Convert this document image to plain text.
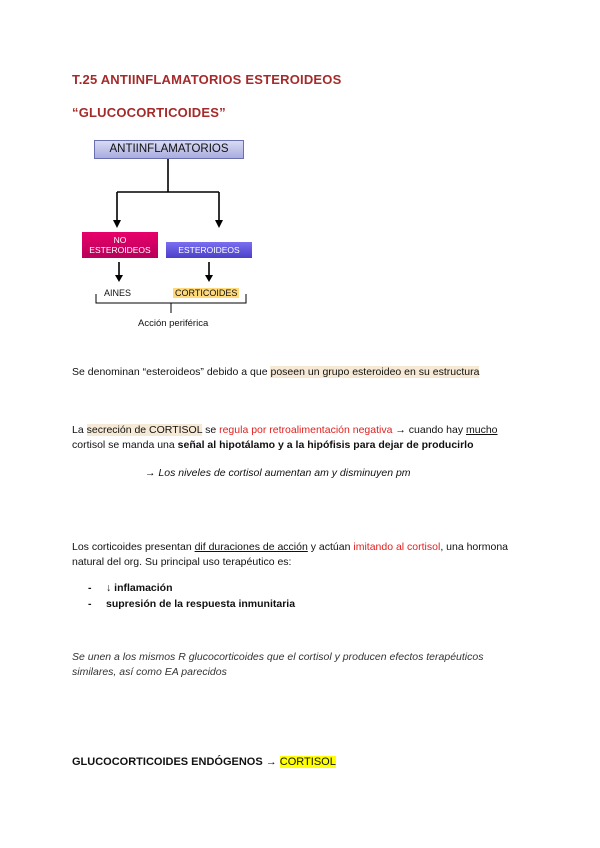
T.25 ANTIINFLAMATORIOS ESTEROIDEOS
“GLUCOCORTICOIDES”
ANTIINFLAMATORIOS
NO ESTEROIDEOS	ESTEROIDEOS
AINES	CORTICOIDES
Acción periférica
Se denominan “esteroideos” debido a que poseen un grupo esteroideo en su estructura
La secreción de CORTISOL se regula por retroalimentación negativa → cuando hay mucho cortisol se manda una señal al hipotálamo y a la hipófisis para dejar de producirlo
→ Los niveles de cortisol aumentan am y disminuyen pm
Los corticoides presentan dif duraciones de acción y actúan imitando al cortisol, una hormona natural del org. Su principal uso terapéutico es:
- ↓ inflamación
- supresión de la respuesta inmunitaria
Se unen a los mismos R glucocorticoides que el cortisol y producen efectos terapéuticos similares, así como EA parecidos
GLUCOCORTICOIDES ENDÓGENOS → CORTISOL
